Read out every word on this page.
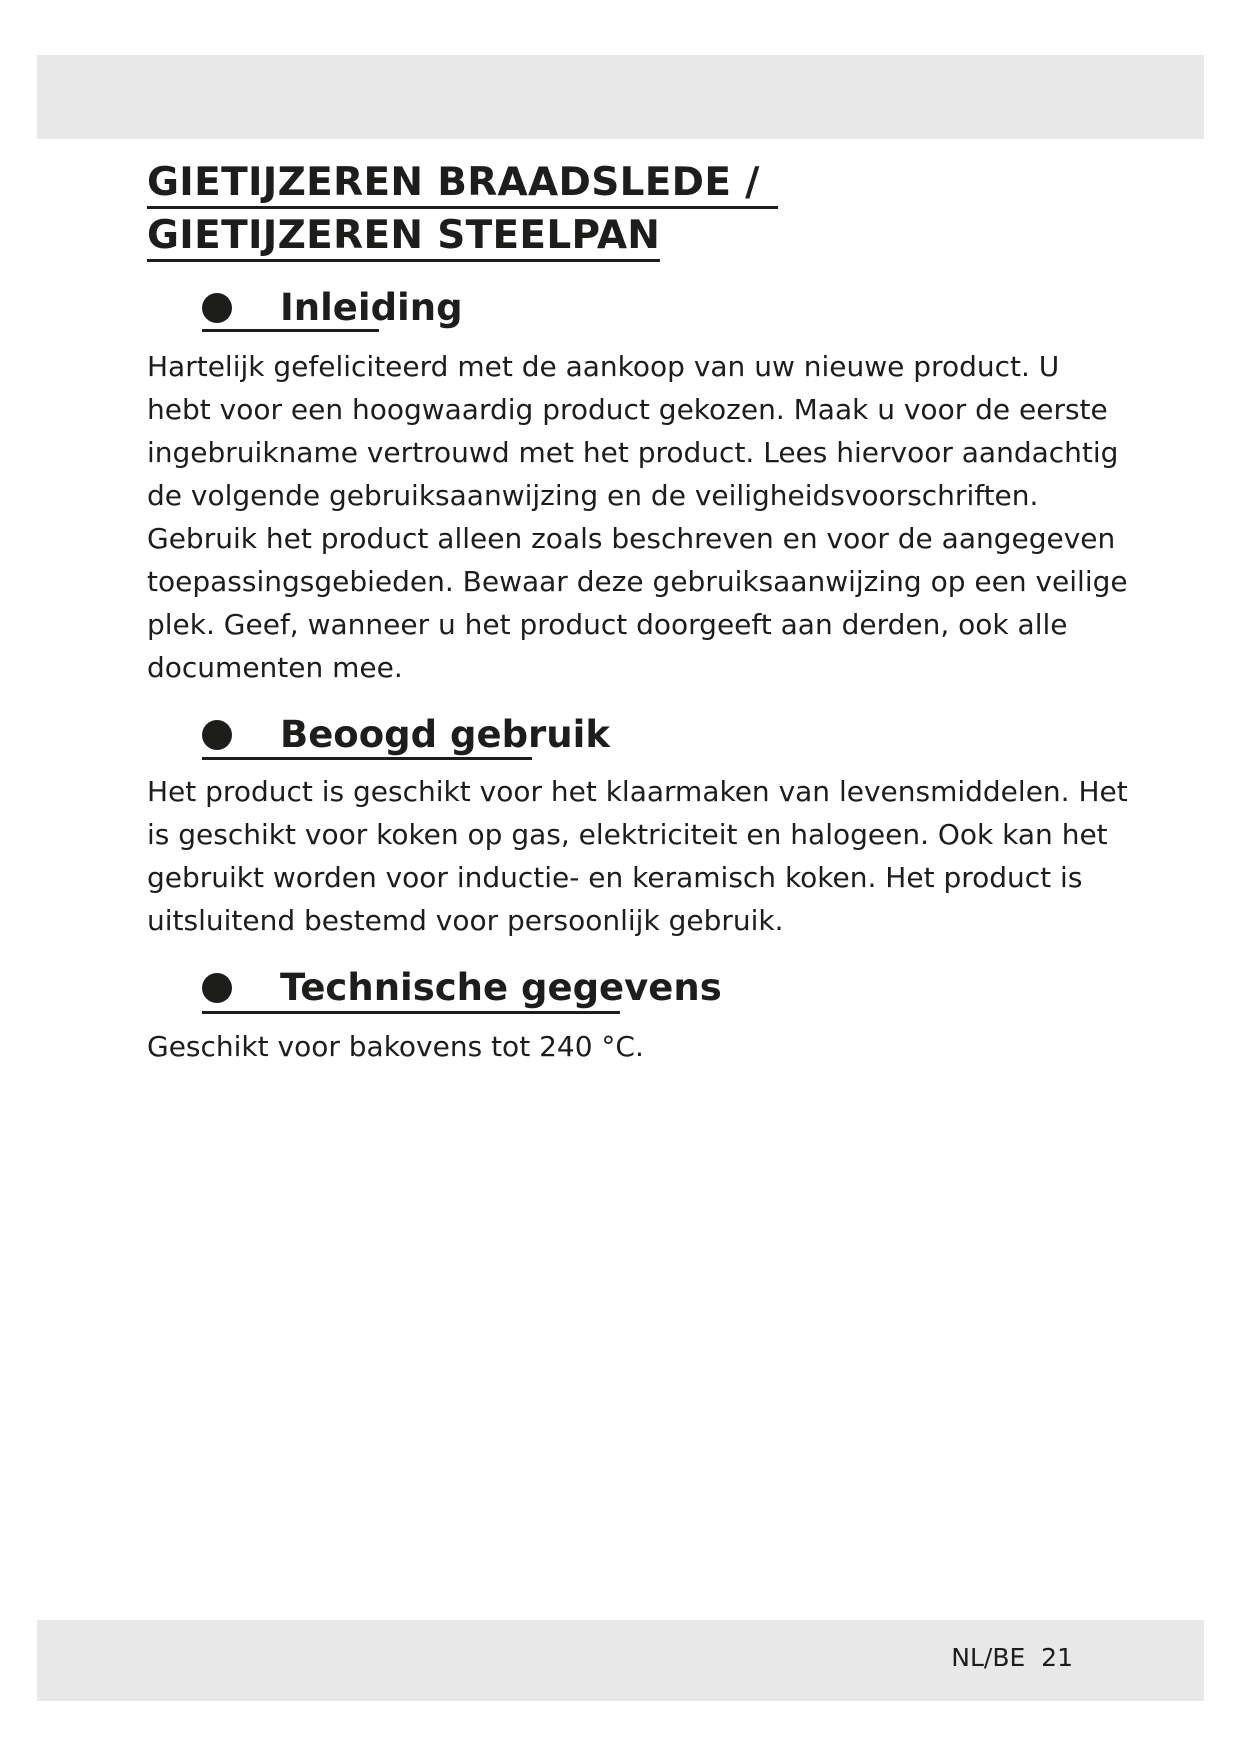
GIETIJZEREN BRAADSLEDE /
GIETIJZEREN STEELPAN
Inleiding

Hartelijk gefeliciteerd met de aankoop van uw nieuwe product. U

hebt voor een hoogwaardig product gekozen. Maak u voor de eerste

ingebruikname vertrouwd met het product. Lees hiervoor aandachtig

de volgende gebruiksaanwijzing en de veiligheidsvoorschriften.

Gebruik het product alleen zoals beschreven en voor de aangegeven

toepassingsgebieden. Bewaar deze gebruiksaanwijzing op een veilige

plek. Geef, wanneer u het product doorgeeft aan derden, ook alle

documenten mee.

Beoogd gebruik

Het product is geschikt voor het klaarmaken van levensmiddelen. Het

is geschikt voor koken op gas, elektriciteit en halogeen. Ook kan het

gebruikt worden voor inductie- en keramisch koken. Het product is

uitsluitend bestemd voor persoonlijk gebruik.

Technische gegevens

Geschikt voor bakovens tot 240 °C.

NL/BE  21
